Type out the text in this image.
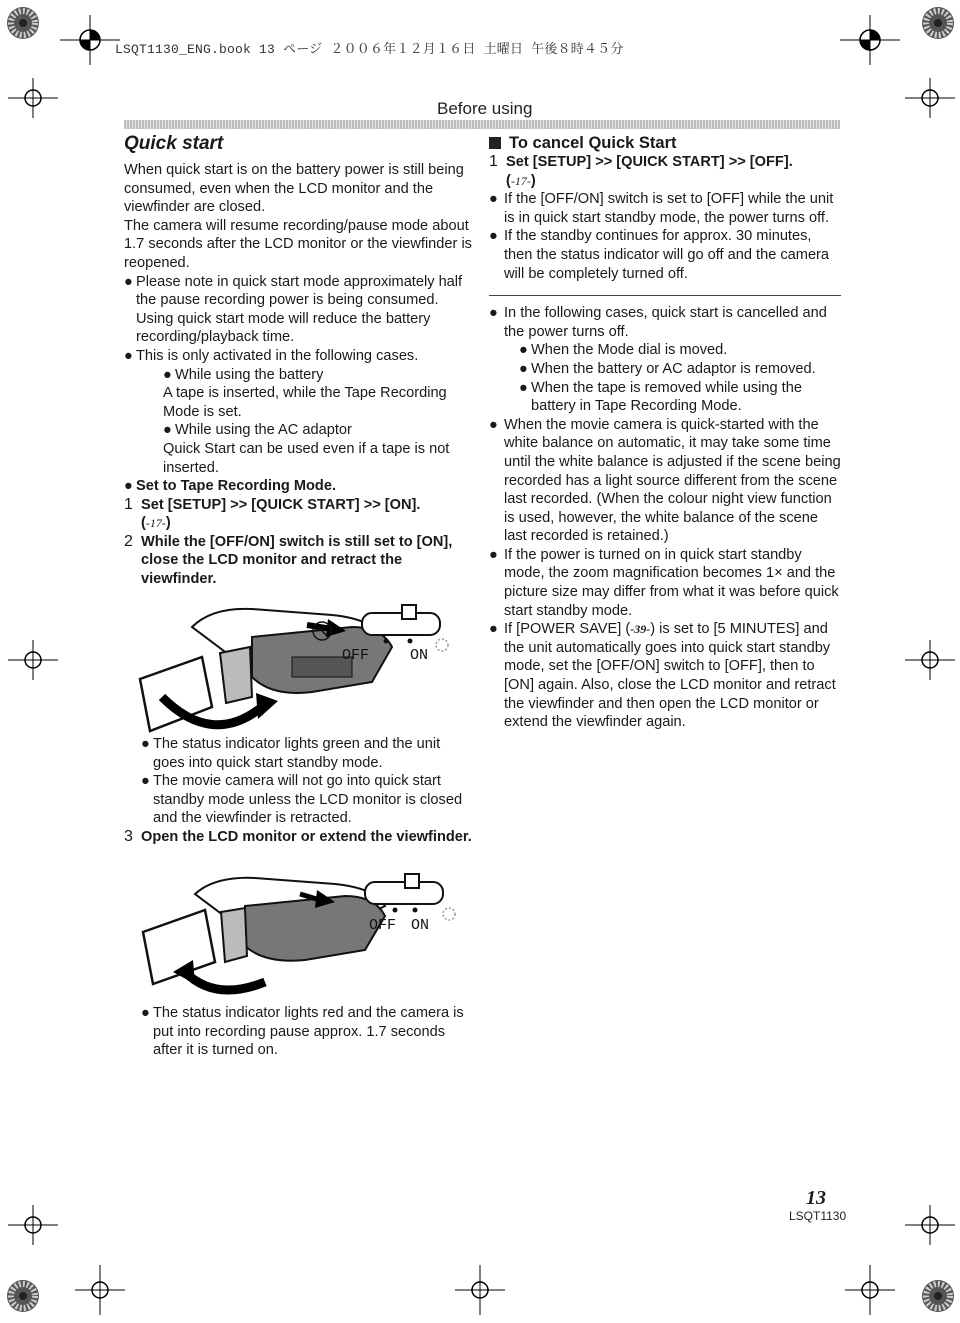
LSQT1130_ENG.book 13 ページ ２００６年１２月１６日 土曜日 午後８時４５分
Before using
Quick start

When quick start is on the battery power is still being consumed, even when the LCD monitor and the viewfinder are closed.

The camera will resume recording/pause mode about 1.7 seconds after the LCD monitor or the viewfinder is reopened.

● Please note in quick start mode approximately half the pause recording power is being consumed. Using quick start mode will reduce the battery recording/playback time.

● This is only activated in the following cases.

● While using the battery

A tape is inserted, while the Tape Recording Mode is set.

● While using the AC adaptor

Quick Start can be used even if a tape is not inserted.

● Set to Tape Recording Mode.

1 Set [SETUP] >> [QUICK START] >> [ON].

(-17-)

2 While the [OFF/ON] switch is still set to [ON], close the LCD monitor and retract the viewfinder.

OFF	ON

● The status indicator lights green and the unit goes into quick start standby mode.

● The movie camera will not go into quick start standby mode unless the LCD monitor is closed and the viewfinder is retracted.

3 Open the LCD monitor or extend the viewfinder.

OFF ON

● The status indicator lights red and the camera is put into recording pause approx. 1.7 seconds after it is turned on.

To cancel Quick Start

1 Set [SETUP] >> [QUICK START] >> [OFF].

(-17-)

● If the [OFF/ON] switch is set to [OFF] while the unit is in quick start standby mode, the power turns off.

● If the standby continues for approx. 30 minutes, then the status indicator will go off and the camera will be completely turned off.

● In the following cases, quick start is cancelled and the power turns off.

● When the Mode dial is moved.

● When the battery or AC adaptor is removed.

● When the tape is removed while using the battery in Tape Recording Mode.

● When the movie camera is quick-started with the white balance on automatic, it may take some time until the white balance is adjusted if the scene being recorded has a light source different from the scene last recorded. (When the colour night view function is used, however, the white balance of the scene last recorded is retained.)

● If the power is turned on in quick start standby mode, the zoom magnification becomes 1× and the picture size may differ from what it was before quick start standby mode.

● If [POWER SAVE] (-39-) is set to [5 MINUTES] and the unit automatically goes into quick start standby mode, set the [OFF/ON] switch to [OFF], then to [ON] again. Also, close the LCD monitor and retract the viewfinder and then open the LCD monitor or extend the viewfinder again.

13
LSQT1130
